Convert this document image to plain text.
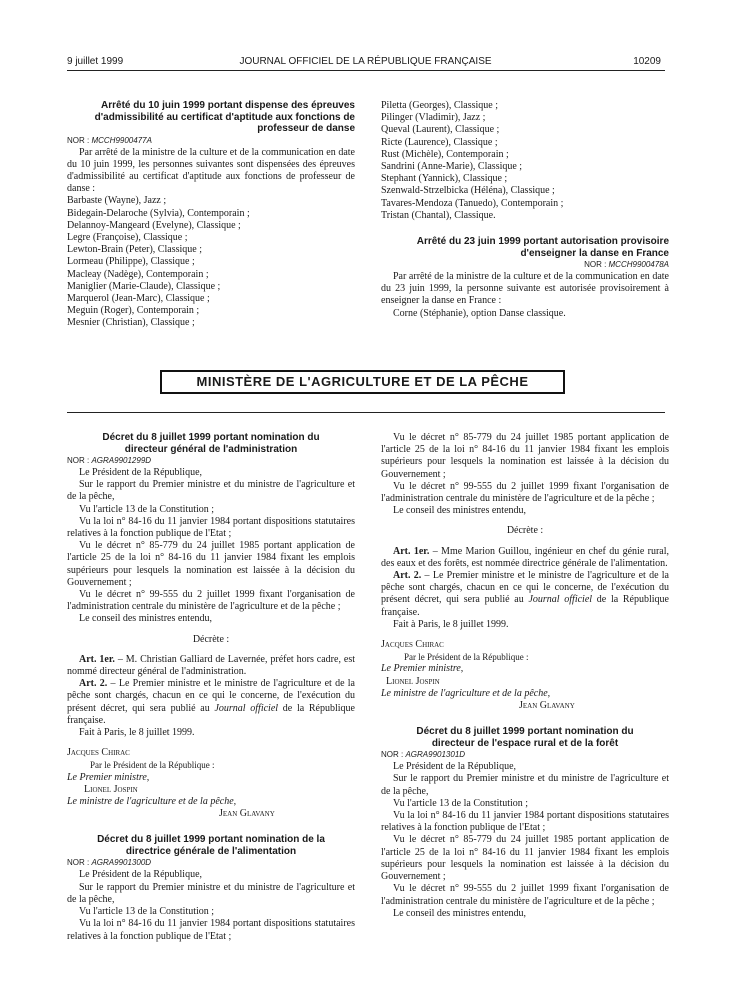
9 juillet 1999	JOURNAL OFFICIEL DE LA RÉPUBLIQUE FRANÇAISE	10209

Arrêté du 10 juin 1999 portant dispense des épreuves d'admissibilité au certificat d'aptitude aux fonctions de professeur de danse

NOR : MCCH9900477A

Par arrêté de la ministre de la culture et de la communication en date du 10 juin 1999, les personnes suivantes sont dispensées des épreuves d'admissibilité au certificat d'aptitude aux fonctions de professeur de danse :

Barbaste (Wayne), Jazz ;

Bidegain-Delaroche (Sylvia), Contemporain ;

Delannoy-Mangeard (Evelyne), Classique ;

Legre (Françoise), Classique ;

Lewton-Brain (Peter), Classique ;

Lormeau (Philippe), Classique ;

Macleay (Nadège), Contemporain ;

Maniglier (Marie-Claude), Classique ;

Marquerol (Jean-Marc), Classique ;

Meguin (Roger), Contemporain ;

Mesnier (Christian), Classique ;

Piletta (Georges), Classique ;

Pilinger (Vladimir), Jazz ;

Queval (Laurent), Classique ;

Ricte (Laurence), Classique ;

Rust (Michèle), Contemporain ;

Sandrini (Anne-Marie), Classique ;

Stephant (Yannick), Classique ;

Szenwald-Strzelbicka (Héléna), Classique ;

Tavares-Mendoza (Tanuedo), Contemporain ;

Tristan (Chantal), Classique.

Arrêté du 23 juin 1999 portant autorisation provisoire d'enseigner la danse en France

NOR : MCCH9900478A

Par arrêté de la ministre de la culture et de la communication en date du 23 juin 1999, la personne suivante est autorisée provisoirement à enseigner la danse en France :

Corne (Stéphanie), option Danse classique.

MINISTÈRE DE L'AGRICULTURE ET DE LA PÊCHE

Décret du 8 juillet 1999 portant nomination du directeur général de l'administration

NOR : AGRA9901299D

Le Président de la République,

Sur le rapport du Premier ministre et du ministre de l'agriculture et de la pêche,

Vu l'article 13 de la Constitution ;

Vu la loi n° 84-16 du 11 janvier 1984 portant dispositions statutaires relatives à la fonction publique de l'Etat ;

Vu le décret n° 85-779 du 24 juillet 1985 portant application de l'article 25 de la loi n° 84-16 du 11 janvier 1984 fixant les emplois supérieurs pour lesquels la nomination est laissée à la décision du Gouvernement ;

Vu le décret n° 99-555 du 2 juillet 1999 fixant l'organisation de l'administration centrale du ministère de l'agriculture et de la pêche ;

Le conseil des ministres entendu,

Décrète :

Art. 1er. – M. Christian Galliard de Lavernée, préfet hors cadre, est nommé directeur général de l'administration.

Art. 2. – Le Premier ministre et le ministre de l'agriculture et de la pêche sont chargés, chacun en ce qui le concerne, de l'exécution du présent décret, qui sera publié au Journal officiel de la République française.

Fait à Paris, le 8 juillet 1999.

Jacques Chirac

Par le Président de la République :

Le Premier ministre,

Lionel Jospin

Le ministre de l'agriculture et de la pêche,

Jean Glavany

Décret du 8 juillet 1999 portant nomination de la directrice générale de l'alimentation

NOR : AGRA9901300D

Le Président de la République,

Sur le rapport du Premier ministre et du ministre de l'agriculture et de la pêche,

Vu l'article 13 de la Constitution ;

Vu la loi n° 84-16 du 11 janvier 1984 portant dispositions statutaires relatives à la fonction publique de l'Etat ;

Vu le décret n° 85-779 du 24 juillet 1985 portant application de l'article 25 de la loi n° 84-16 du 11 janvier 1984 fixant les emplois supérieurs pour lesquels la nomination est laissée à la décision du Gouvernement ;

Vu le décret n° 99-555 du 2 juillet 1999 fixant l'organisation de l'administration centrale du ministère de l'agriculture et de la pêche ;

Le conseil des ministres entendu,

Décrète :

Art. 1er. – Mme Marion Guillou, ingénieur en chef du génie rural, des eaux et des forêts, est nommée directrice générale de l'alimentation.

Art. 2. – Le Premier ministre et le ministre de l'agriculture et de la pêche sont chargés, chacun en ce qui le concerne, de l'exécution du présent décret, qui sera publié au Journal officiel de la République française.

Fait à Paris, le 8 juillet 1999.

Jacques Chirac

Par le Président de la République :

Le Premier ministre,

Lionel Jospin

Le ministre de l'agriculture et de la pêche,

Jean Glavany

Décret du 8 juillet 1999 portant nomination du directeur de l'espace rural et de la forêt

NOR : AGRA9901301D

Le Président de la République,

Sur le rapport du Premier ministre et du ministre de l'agriculture et de la pêche,

Vu l'article 13 de la Constitution ;

Vu la loi n° 84-16 du 11 janvier 1984 portant dispositions statutaires relatives à la fonction publique de l'Etat ;

Vu le décret n° 85-779 du 24 juillet 1985 portant application de l'article 25 de la loi n° 84-16 du 11 janvier 1984 fixant les emplois supérieurs pour lesquels la nomination est laissée à la décision du Gouvernement ;

Vu le décret n° 99-555 du 2 juillet 1999 fixant l'organisation de l'administration centrale du ministère de l'agriculture et de la pêche ;

Le conseil des ministres entendu,
